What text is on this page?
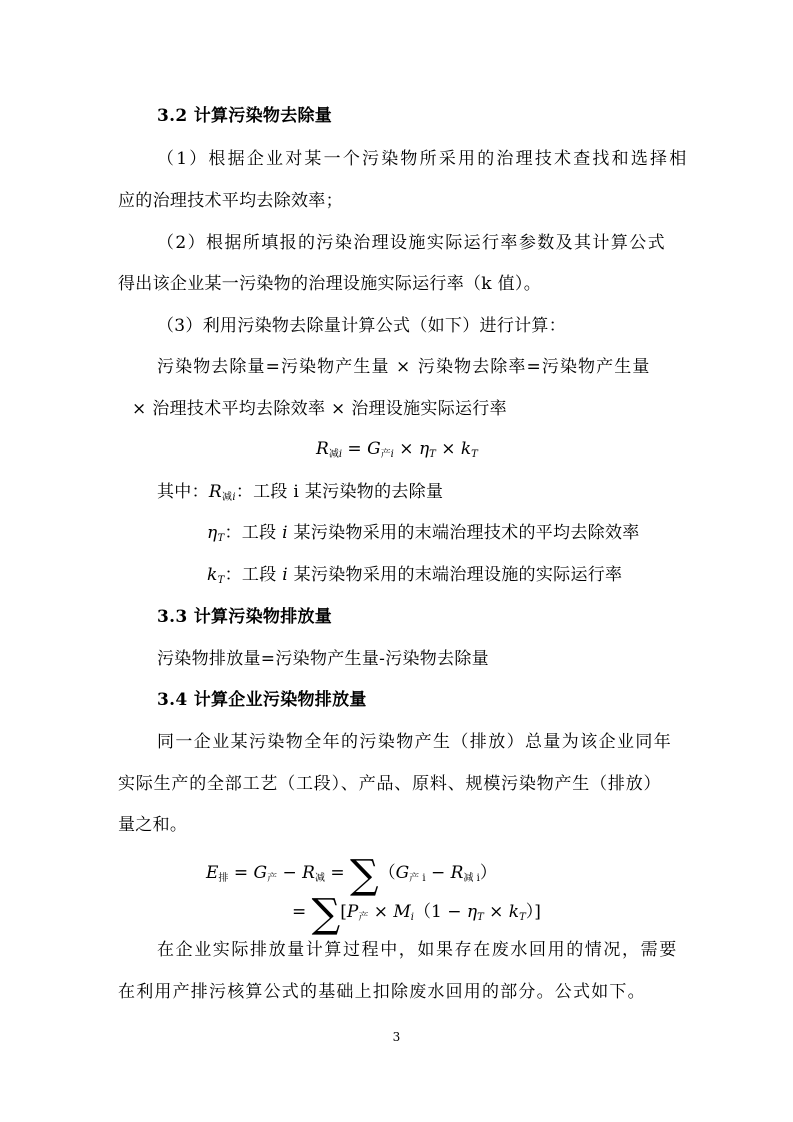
3.2 计算污染物去除量
（1）根据企业对某一个污染物所采用的治理技术查找和选择相
应的治理技术平均去除效率；
（2）根据所填报的污染治理设施实际运行率参数及其计算公式
得出该企业某一污染物的治理设施实际运行率（k 值）。
（3）利用污染物去除量计算公式（如下）进行计算：
污染物去除量=污染物产生量 × 污染物去除率=污染物产生量
× 治理技术平均去除效率 × 治理设施实际运行率
$R_减i = G_产i \times \eta T$ × kT
其中：$R_减i$：工段 i 某污染物的去除量
ηT：工段 i 某污染物采用的末端治理技术的平均去除效率
kT：工段 i 某污染物采用的末端治理设施的实际运行率
3.3 计算污染物排放量
污染物排放量=污染物产生量-污染物去除量
3.4 计算企业污染物排放量
同一企业某污染物全年的污染物产生（排放）总量为该企业同年
实际生产的全部工艺（工段）、产品、原料、规模污染物产生（排放）
量之和。
$E_排 = G_产 - R_减 = \sum(G_{产 i} - R_{减 i})$
= $\sum[P_产 \times Mi(1 - \eta T \times kT)]$
在企业实际排放量计算过程中，如果存在废水回用的情况，需要
在利用产排污核算公式的基础上扣除废水回用的部分。公式如下。
3
